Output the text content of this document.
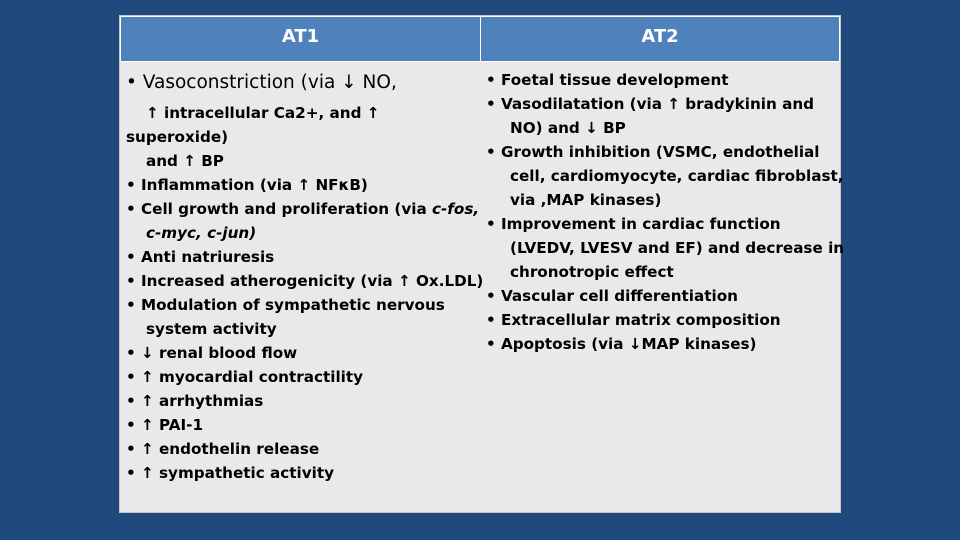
AT1	AT2
• Vasoconstriction (via ↓ NO,
↑ intracellular Ca2+, and ↑
superoxide)
and ↑ BP
• Inflammation (via ↑ NFκB)
• Cell growth and proliferation (via c-fos,
c-myc, c-jun)
• Anti natriuresis
• Increased atherogenicity (via ↑ Ox.LDL)
• Modulation of sympathetic nervous
system activity
• ↓ renal blood flow
• ↑ myocardial contractility
• ↑ arrhythmias
• ↑ PAI-1
• ↑ endothelin release
• ↑ sympathetic activity
• Foetal tissue development
• Vasodilatation (via ↑ bradykinin and
NO) and ↓ BP
• Growth inhibition (VSMC, endothelial
cell, cardiomyocyte, cardiac fibroblast,
via ,MAP kinases)
• Improvement in cardiac function
(LVEDV, LVESV and EF) and decrease in
chronotropic effect
• Vascular cell differentiation
• Extracellular matrix composition
• Apoptosis (via ↓MAP kinases)
